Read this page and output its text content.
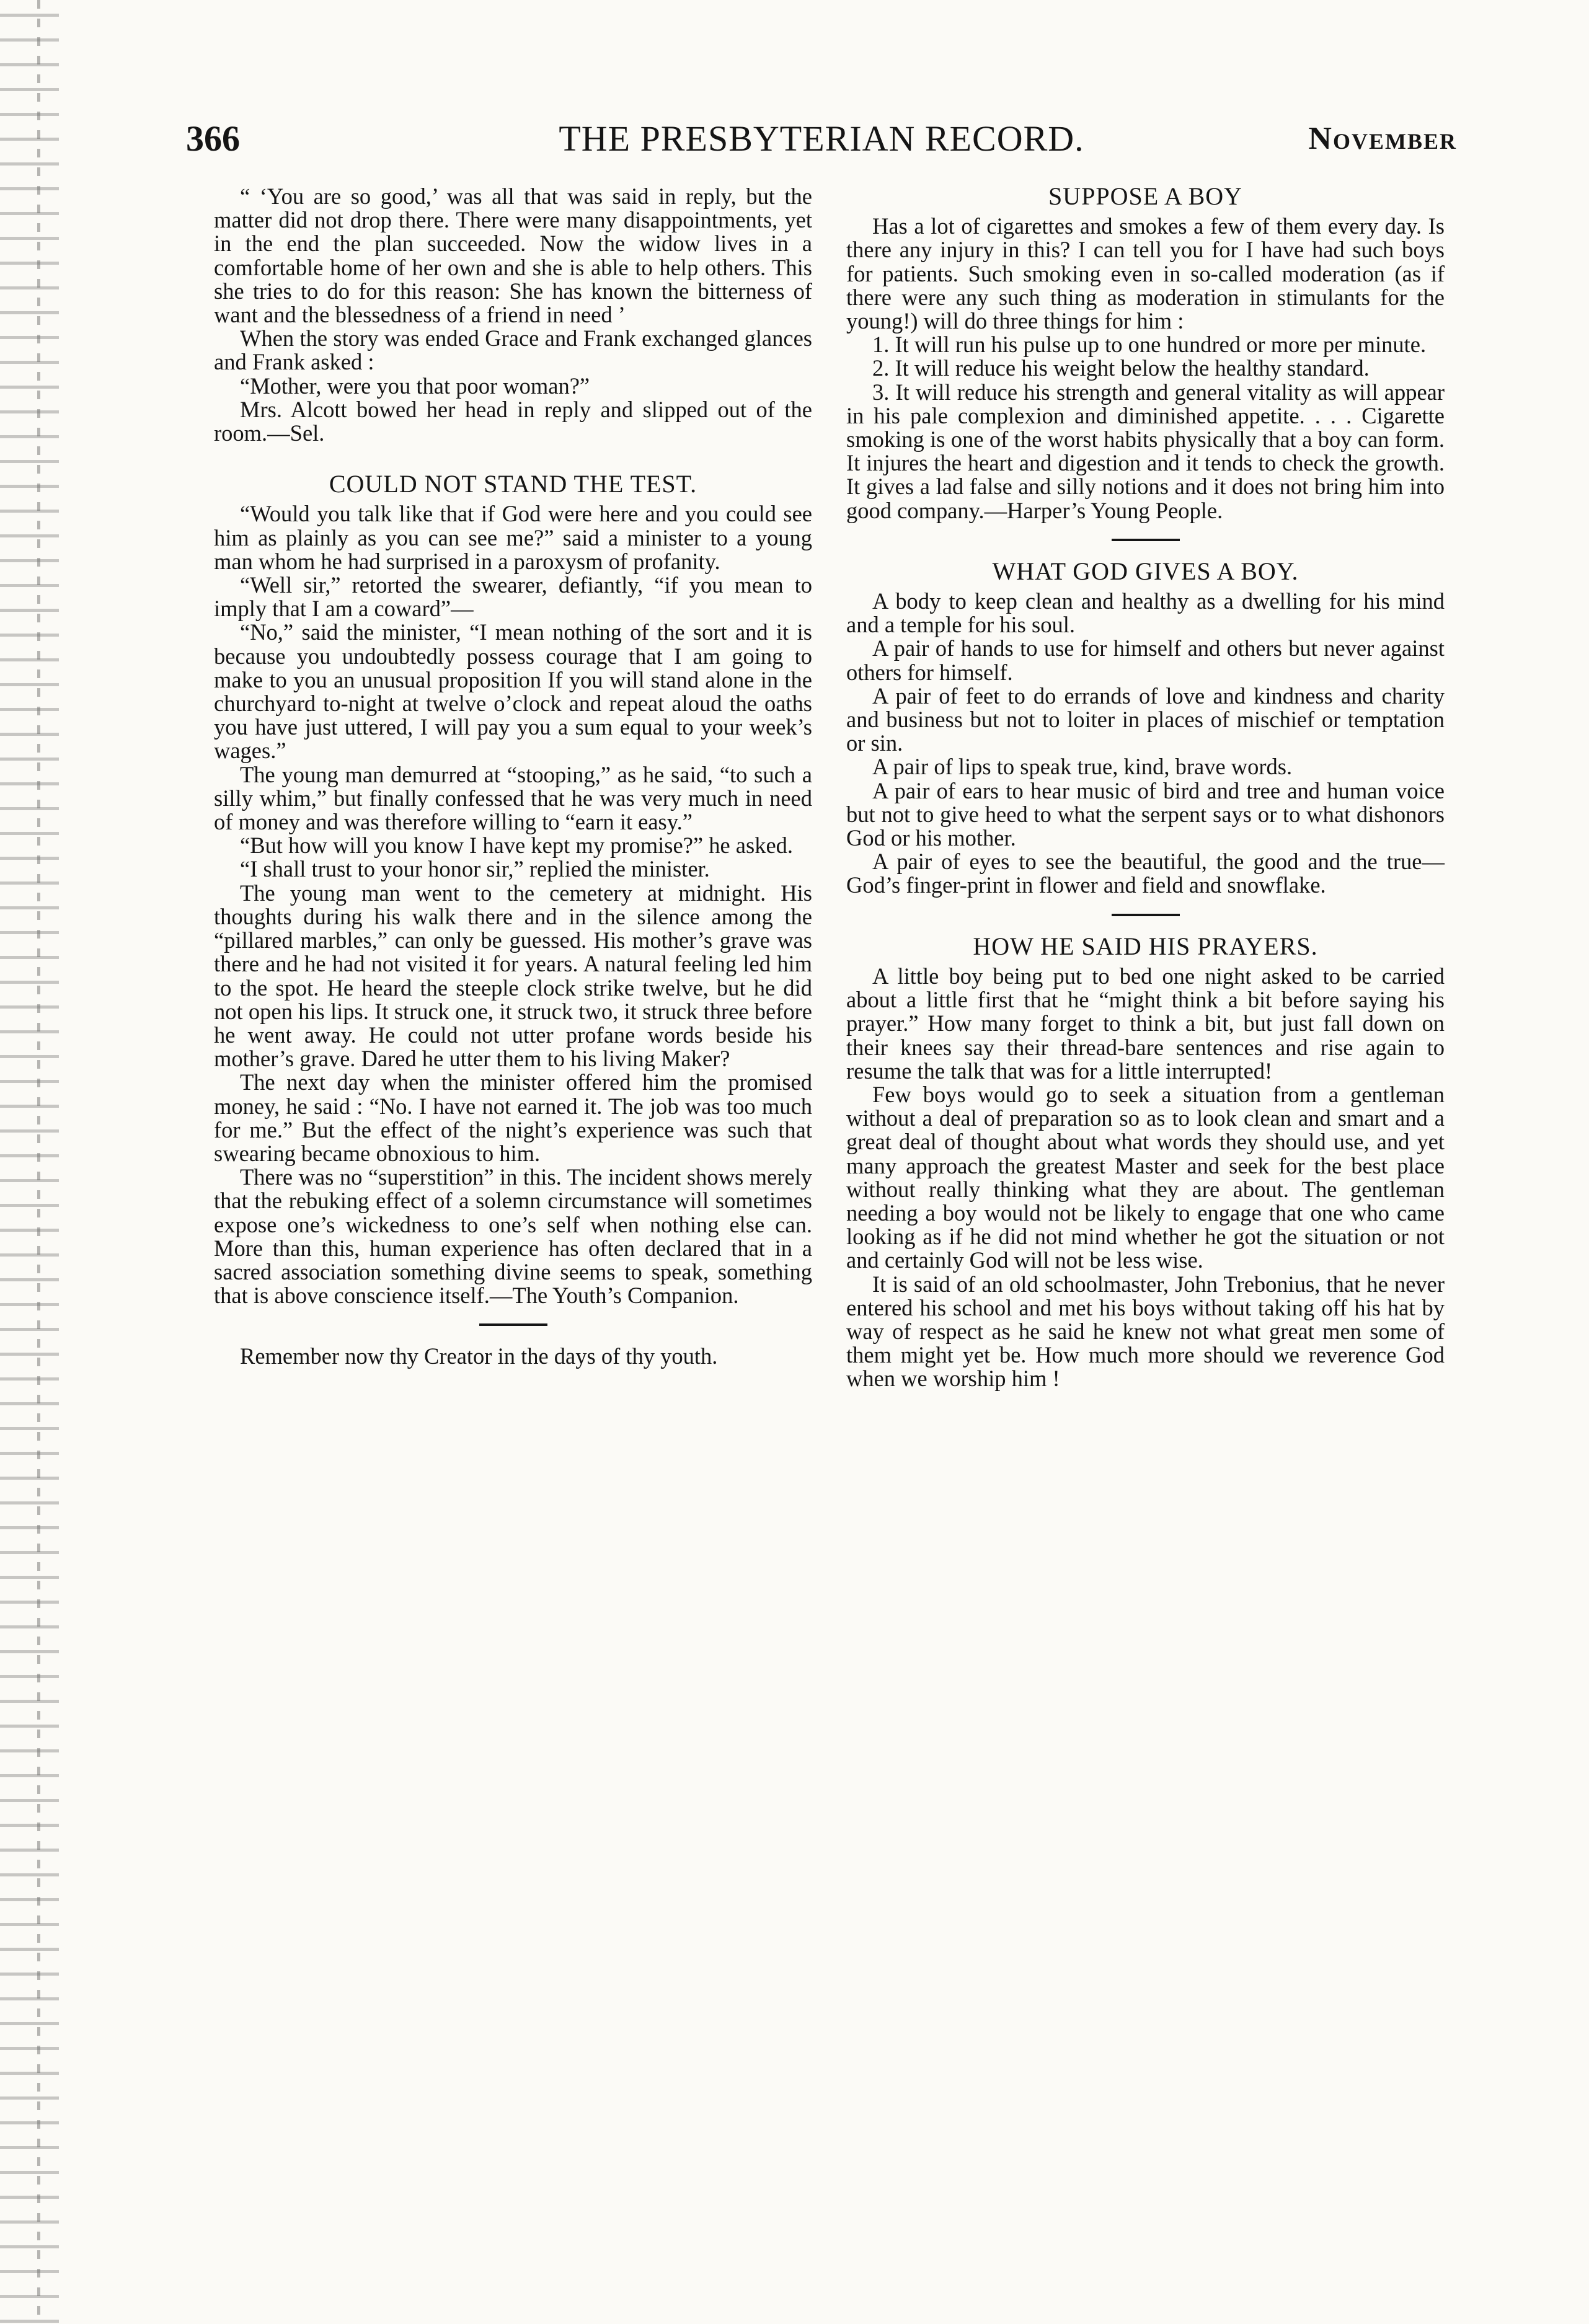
366	THE PRESBYTERIAN RECORD.	November

“ ‘You are so good,’ was all that was said in reply, but the matter did not drop there. There were many disappointments, yet in the end the plan succeeded. Now the widow lives in a comfortable home of her own and she is able to help others. This she tries to do for this reason: She has known the bitterness of want and the blessedness of a friend in need ’

When the story was ended Grace and Frank exchanged glances and Frank asked :

“Mother, were you that poor woman?”

Mrs. Alcott bowed her head in reply and slipped out of the room.—Sel.

COULD NOT STAND THE TEST.

“Would you talk like that if God were here and you could see him as plainly as you can see me?” said a minister to a young man whom he had surprised in a paroxysm of profanity.

“Well sir,” retorted the swearer, defiantly, “if you mean to imply that I am a coward”—

“No,” said the minister, “I mean nothing of the sort and it is because you undoubtedly possess courage that I am going to make to you an unusual proposition If you will stand alone in the churchyard to-night at twelve o’clock and repeat aloud the oaths you have just uttered, I will pay you a sum equal to your week’s wages.”

The young man demurred at “stooping,” as he said, “to such a silly whim,” but finally confessed that he was very much in need of money and was therefore willing to “earn it easy.”

“But how will you know I have kept my promise?” he asked.

“I shall trust to your honor sir,” replied the minister.

The young man went to the cemetery at midnight. His thoughts during his walk there and in the silence among the “pillared marbles,” can only be guessed. His mother’s grave was there and he had not visited it for years. A natural feeling led him to the spot. He heard the steeple clock strike twelve, but he did not open his lips. It struck one, it struck two, it struck three before he went away. He could not utter profane words beside his mother’s grave. Dared he utter them to his living Maker?

The next day when the minister offered him the promised money, he said : “No. I have not earned it. The job was too much for me.” But the effect of the night’s experience was such that swearing became obnoxious to him.

There was no “superstition” in this. The incident shows merely that the rebuking effect of a solemn circumstance will sometimes expose one’s wickedness to one’s self when nothing else can. More than this, human experience has often declared that in a sacred association something divine seems to speak, something that is above conscience itself.—The Youth’s Companion.

Remember now thy Creator in the days of thy youth.

SUPPOSE A BOY

Has a lot of cigarettes and smokes a few of them every day. Is there any injury in this? I can tell you for I have had such boys for patients. Such smoking even in so-called moderation (as if there were any such thing as moderation in stimulants for the young!) will do three things for him :

1. It will run his pulse up to one hundred or more per minute.

2. It will reduce his weight below the healthy standard.

3. It will reduce his strength and general vitality as will appear in his pale complexion and diminished appetite. . . . Cigarette smoking is one of the worst habits physically that a boy can form. It injures the heart and digestion and it tends to check the growth. It gives a lad false and silly notions and it does not bring him into good company.—Harper’s Young People.

WHAT GOD GIVES A BOY.

A body to keep clean and healthy as a dwelling for his mind and a temple for his soul.

A pair of hands to use for himself and others but never against others for himself.

A pair of feet to do errands of love and kindness and charity and business but not to loiter in places of mischief or temptation or sin.

A pair of lips to speak true, kind, brave words.

A pair of ears to hear music of bird and tree and human voice but not to give heed to what the serpent says or to what dishonors God or his mother.

A pair of eyes to see the beautiful, the good and the true—God’s finger-print in flower and field and snowflake.

HOW HE SAID HIS PRAYERS.

A little boy being put to bed one night asked to be carried about a little first that he “might think a bit before saying his prayer.” How many forget to think a bit, but just fall down on their knees say their thread-bare sentences and rise again to resume the talk that was for a little interrupted!

Few boys would go to seek a situation from a gentleman without a deal of preparation so as to look clean and smart and a great deal of thought about what words they should use, and yet many approach the greatest Master and seek for the best place without really thinking what they are about. The gentleman needing a boy would not be likely to engage that one who came looking as if he did not mind whether he got the situation or not and certainly God will not be less wise.

It is said of an old schoolmaster, John Trebonius, that he never entered his school and met his boys without taking off his hat by way of respect as he said he knew not what great men some of them might yet be. How much more should we reverence God when we worship him !
